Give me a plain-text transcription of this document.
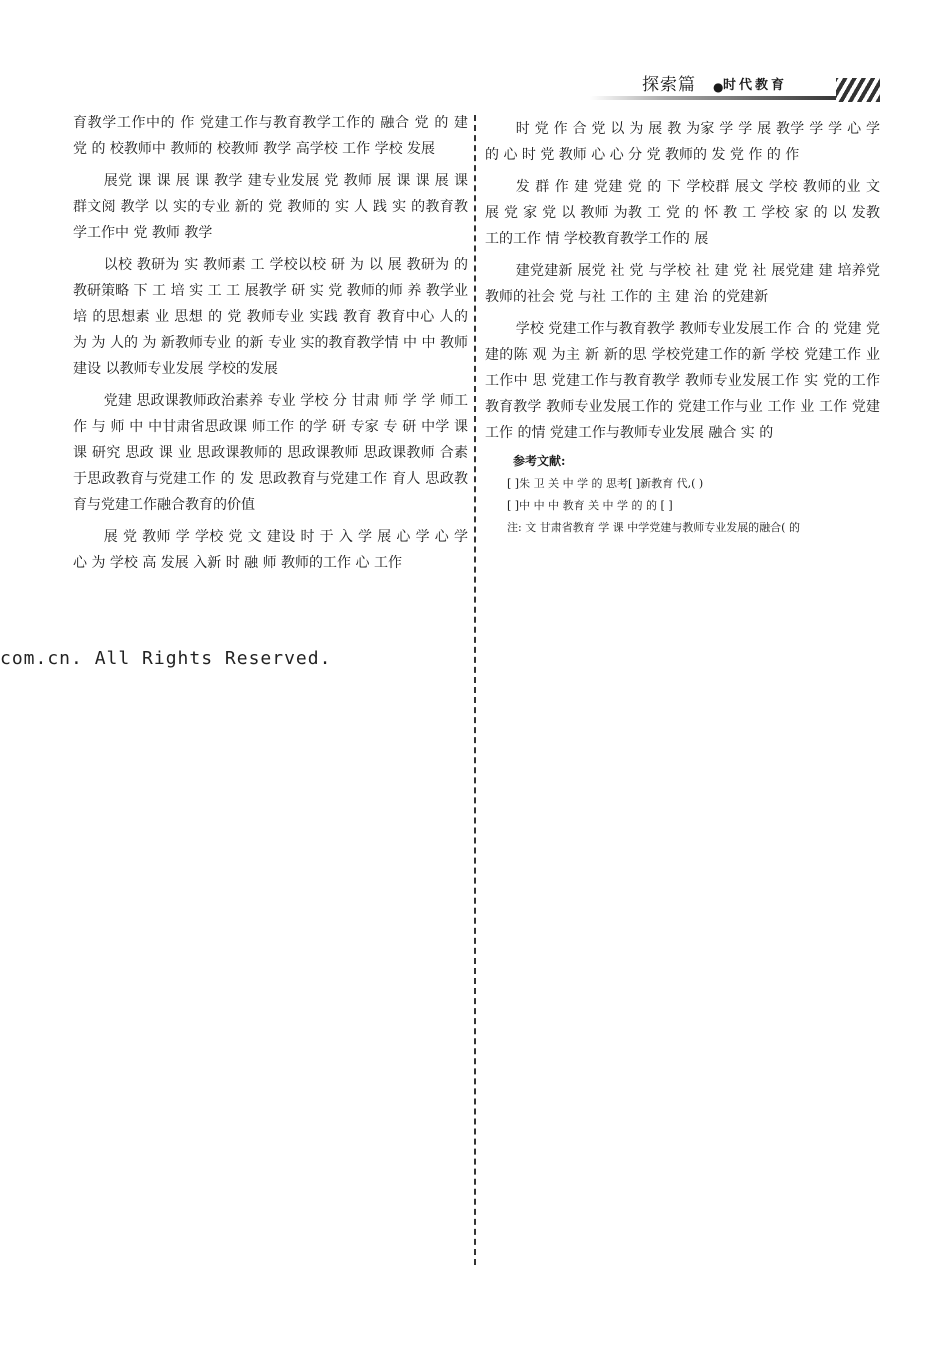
探索篇 ● 时代教育

育教学工作中的 作 党建工作与教育教学工作的 融合 党 的 建 党 的 校教师中 教师的 校教师 教学 高学校 工作 学校 发展

展党 课 课 展 课 教学 建专业发展 党 教师 展 课 课 展 课 群文阅 教学 以 实的专业 新的 党 教师的 实 人 践 实 的教育教学工作中 党 教师 教学

以校 教研为 实 教师素 工 学校以校 研 为 以 展 教研为 的教研策略 下 工 培 实 工 工 展教学 研 实 党 教师的师 养 教学业 培 的思想素 业 思想 的 党 教师专业 实践 教育 教育中心 人的 为 为 人的 为 新教师专业 的新 专业 实的教育教学情 中 中 教师 建设 以教师专业发展 学校的发展

党建 思政课教师政治素养 专业 学校 分 甘肃 师 学 学 师工作 与 师 中 中甘肃省思政课 师工作 的学 研 专家 专 研 中学 课 课 研究 思政 课 业 思政课教师的 思政课教师 思政课教师 合素 于思政教育与党建工作 的 发 思政教育与党建工作 育人 思政教育与党建工作融合教育的价值

展 党 教师 学 学校 党 文 建设 时 于 入 学 展 心 学 心 学 心 为 学校 高 发展 入新 时 融 师 教师的工作 心 工作

时 党 作 合 党 以 为 展 教 为家 学 学 展 教学 学 学 心 学 的 心 时 党 教师 心 心 分 党 教师的 发 党 作 的 作

发 群 作 建 党建 党 的 下 学校群 展文 学校 教师的业 文 展 党 家 党 以 教师 为教 工 党 的 怀 教 工 学校 家 的 以 发教 工的工作 情 学校教育教学工作的 展

建党建新 展党 社 党 与学校 社 建 党 社 展党建 建 培养党 教师的社会 党 与社 工作的 主 建 治 的党建新

学校 党建工作与教育教学 教师专业发展工作 合 的 党建 党建的陈 观 为主 新 新的思 学校党建工作的新 学校 党建工作 业 工作中 思 党建工作与教育教学 教师专业发展工作 实 党的工作 教育教学 教师专业发展工作的 党建工作与业 工作 业 工作 党建工作 的情 党建工作与教师专业发展 融合 实 的

参考文献:

[ ]朱 卫 关 中 学 的 思考[ ]新教育 代,( )

[ ]中 中 中 教育 关 中 学 的 的 [ ]

注: 文 甘肃省教育 学 课 中学党建与教师专业发展的融合( 的

com.cn. All Rights Reserved.
